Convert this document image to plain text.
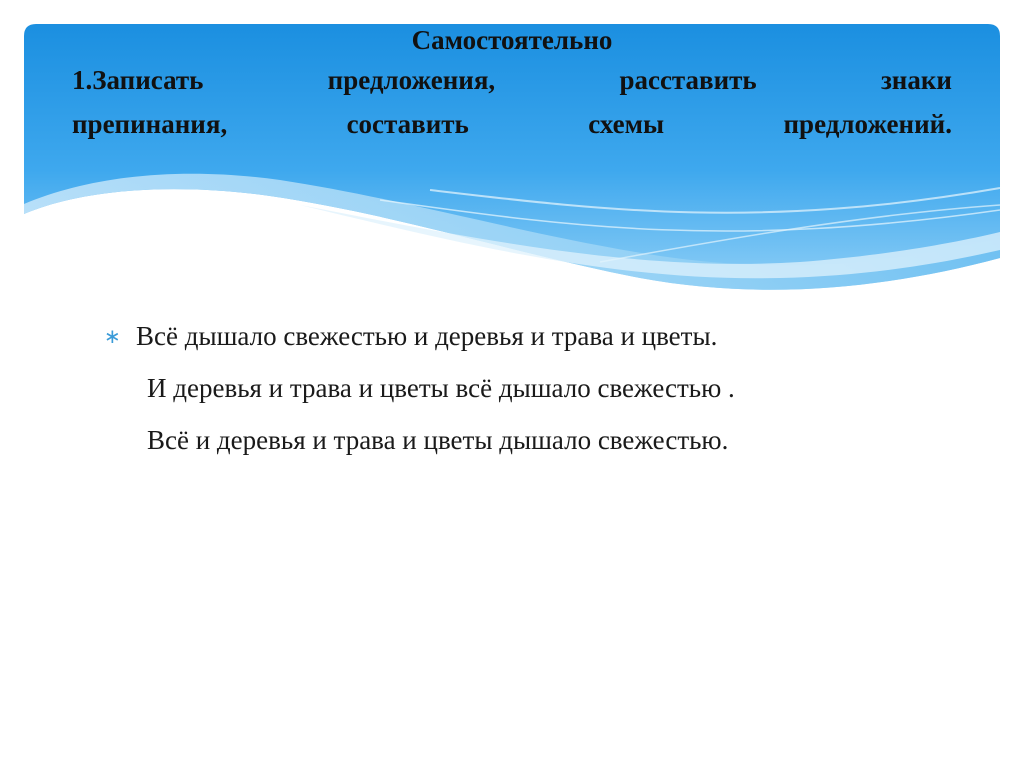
Самостоятельно
1.Записать	предложения,	расставить	знаки
препинания,	составить	схемы	предложений.
∗ Всё дышало свежестью и деревья и трава и цветы.
И деревья и трава и цветы всё дышало свежестью .
Всё и деревья и трава и цветы дышало свежестью.
